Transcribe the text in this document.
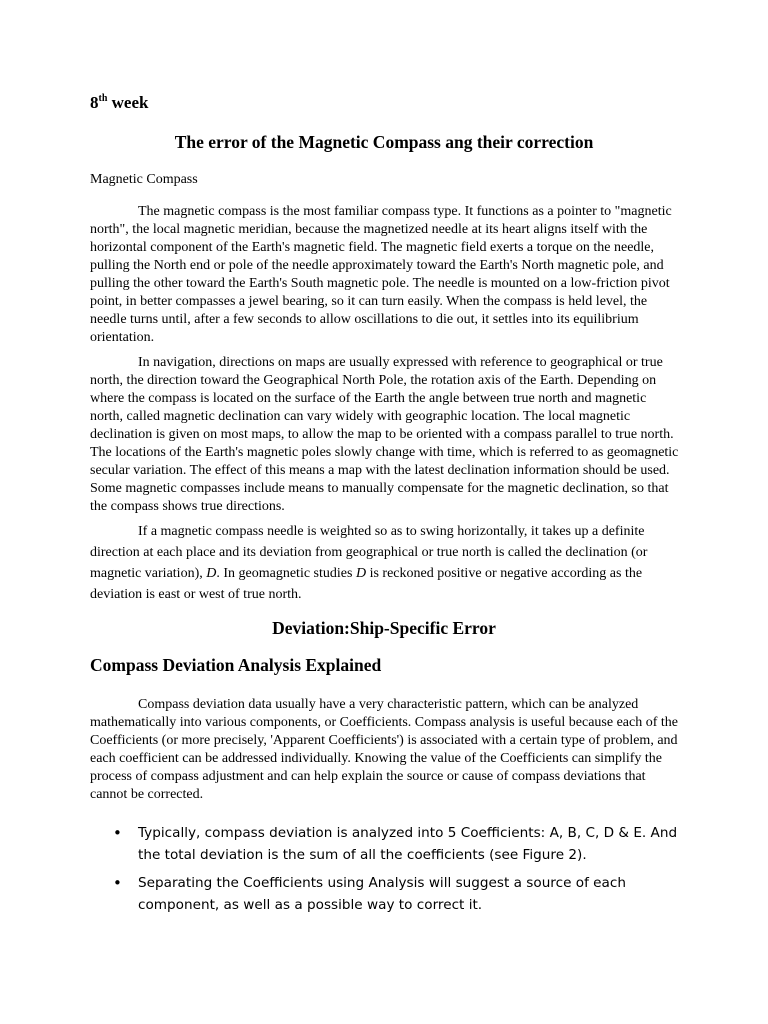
8th week
The error of the Magnetic Compass ang their correction

Magnetic Compass

The magnetic compass is the most familiar compass type. It functions as a pointer to "magnetic north", the local magnetic meridian, because the magnetized needle at its heart aligns itself with the horizontal component of the Earth's magnetic field. The magnetic field exerts a torque on the needle, pulling the North end or pole of the needle approximately toward the Earth's North magnetic pole, and pulling the other toward the Earth's South magnetic pole. The needle is mounted on a low-friction pivot point, in better compasses a jewel bearing, so it can turn easily. When the compass is held level, the needle turns until, after a few seconds to allow oscillations to die out, it settles into its equilibrium orientation.

In navigation, directions on maps are usually expressed with reference to geographical or true north, the direction toward the Geographical North Pole, the rotation axis of the Earth. Depending on where the compass is located on the surface of the Earth the angle between true north and magnetic north, called magnetic declination can vary widely with geographic location. The local magnetic declination is given on most maps, to allow the map to be oriented with a compass parallel to true north. The locations of the Earth's magnetic poles slowly change with time, which is referred to as geomagnetic secular variation. The effect of this means a map with the latest declination information should be used. Some magnetic compasses include means to manually compensate for the magnetic declination, so that the compass shows true directions.

If a magnetic compass needle is weighted so as to swing horizontally, it takes up a definite direction at each place and its deviation from geographical or true north is called the declination (or magnetic variation), D. In geomagnetic studies D is reckoned positive or negative according as the deviation is east or west of true north.

Deviation:Ship-Specific Error
Compass Deviation Analysis Explained

Compass deviation data usually have a very characteristic pattern, which can be analyzed mathematically into various components, or Coefficients. Compass analysis is useful because each of the Coefficients (or more precisely, 'Apparent Coefficients') is associated with a certain type of problem, and each coefficient can be addressed individually. Knowing the value of the Coefficients can simplify the process of compass adjustment and can help explain the source or cause of compass deviations that cannot be corrected.

• Typically, compass deviation is analyzed into 5 Coefficients: A, B, C, D & E. And the total deviation is the sum of all the coefficients (see Figure 2).
• Separating the Coefficients using Analysis will suggest a source of each component, as well as a possible way to correct it.
